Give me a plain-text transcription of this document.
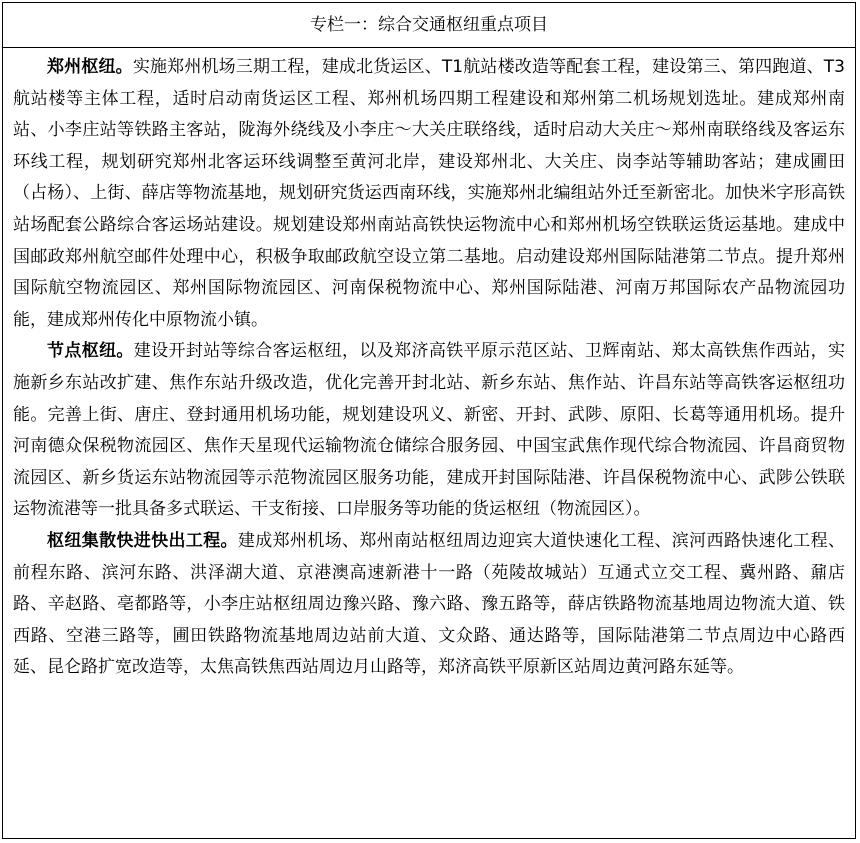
专栏一：综合交通枢纽重点项目

郑州枢纽。实施郑州机场三期工程，建成北货运区、T1航站楼改造等配套工程，建设第三、第四跑道、T3航站楼等主体工程，适时启动南货运区工程、郑州机场四期工程建设和郑州第二机场规划选址。建成郑州南站、小李庄站等铁路主客站，陇海外绕线及小李庄～大关庄联络线，适时启动大关庄～郑州南联络线及客运东环线工程，规划研究郑州北客运环线调整至黄河北岸，建设郑州北、大关庄、岗李站等辅助客站；建成圃田（占杨）、上街、薛店等物流基地，规划研究货运西南环线，实施郑州北编组站外迁至新密北。加快米字形高铁站场配套公路综合客运场站建设。规划建设郑州南站高铁快运物流中心和郑州机场空铁联运货运基地。建成中国邮政郑州航空邮件处理中心，积极争取邮政航空设立第二基地。启动建设郑州国际陆港第二节点。提升郑州国际航空物流园区、郑州国际物流园区、河南保税物流中心、郑州国际陆港、河南万邦国际农产品物流园功能，建成郑州传化中原物流小镇。

节点枢纽。建设开封站等综合客运枢纽，以及郑济高铁平原示范区站、卫辉南站、郑太高铁焦作西站，实施新乡东站改扩建、焦作东站升级改造，优化完善开封北站、新乡东站、焦作站、许昌东站等高铁客运枢纽功能。完善上街、唐庄、登封通用机场功能，规划建设巩义、新密、开封、武陟、原阳、长葛等通用机场。提升河南德众保税物流园区、焦作天星现代运输物流仓储综合服务园、中国宝武焦作现代综合物流园、许昌商贸物流园区、新乡货运东站物流园等示范物流园区服务功能，建成开封国际陆港、许昌保税物流中心、武陟公铁联运物流港等一批具备多式联运、干支衔接、口岸服务等功能的货运枢纽（物流园区）。

枢纽集散快进快出工程。建成郑州机场、郑州南站枢纽周边迎宾大道快速化工程、滨河西路快速化工程、前程东路、滨河东路、洪泽湖大道、京港澳高速新港十一路（苑陵故城站）互通式立交工程、冀州路、鼐店路、辛赵路、亳都路等，小李庄站枢纽周边豫兴路、豫六路、豫五路等，薛店铁路物流基地周边物流大道、铁西路、空港三路等，圃田铁路物流基地周边站前大道、文众路、通达路等，国际陆港第二节点周边中心路西延、昆仑路扩宽改造等，太焦高铁焦西站周边月山路等，郑济高铁平原新区站周边黄河路东延等。
